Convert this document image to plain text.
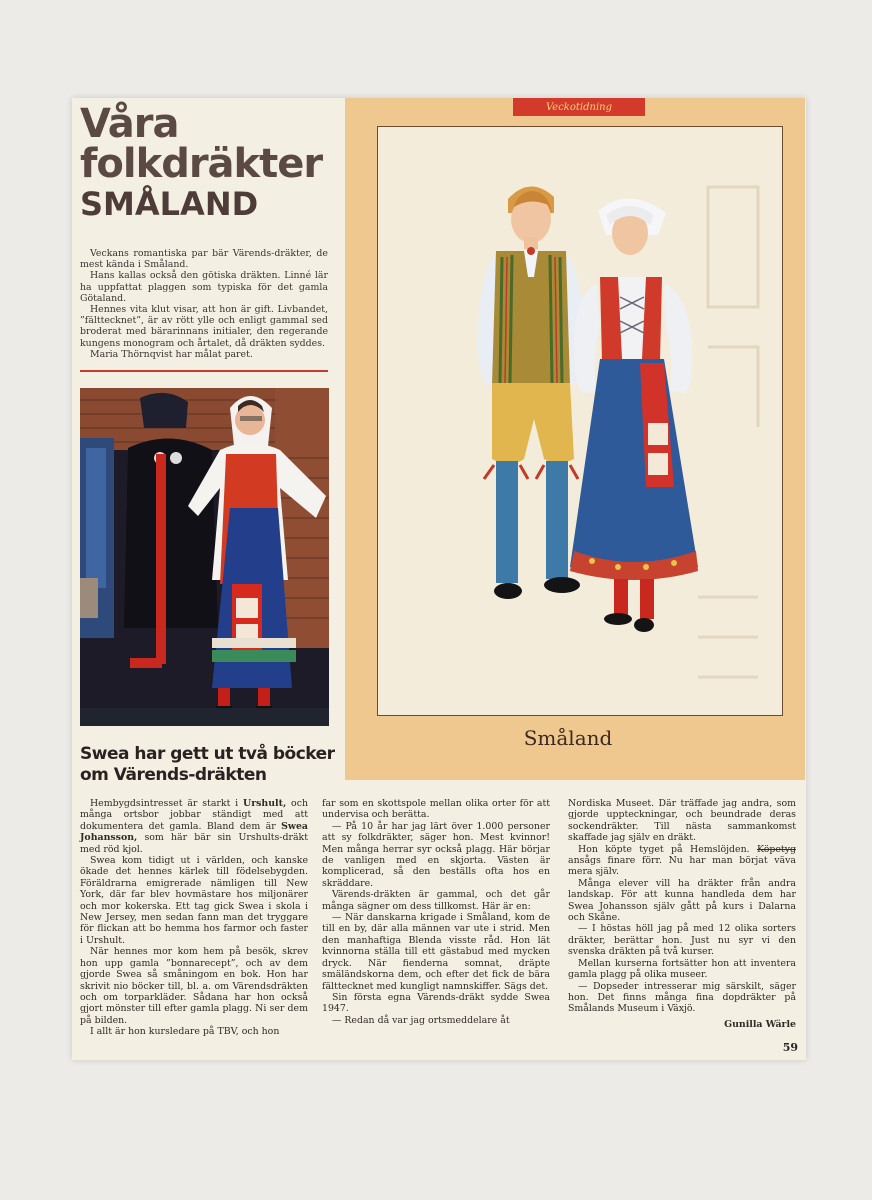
Våra
folkdräkter
SMÅLAND

Veckans romantiska par bär Värends-dräkter, de mest kända i Småland.

Hans kallas också den götiska dräkten. Linné lär ha uppfattat plaggen som typiska för det gamla Götaland.

Hennes vita klut visar, att hon är gift. Livbandet, ”fälttecknet”, är av rött ylle och enligt gammal sed broderat med bärarinnans initialer, den regerande kungens monogram och årtalet, då dräkten syddes.

Maria Thörnqvist har målat paret.

Veckotidning
Småland
Swea har gett ut två böcker om Värends-dräkten

Hembygdsintresset är starkt i Urshult, och många ortsbor jobbar ständigt med att dokumentera det gamla. Bland dem är Swea Johansson, som här bär sin Urshults-dräkt med röd kjol.

Swea kom tidigt ut i världen, och kanske ökade det hennes kärlek till födelsebygden. Föräldrarna emigrerade nämligen till New York, där far blev hovmästare hos miljonärer och mor kokerska. Ett tag gick Swea i skola i New Jersey, men sedan fann man det tryggare för flickan att bo hemma hos farmor och faster i Urshult.

När hennes mor kom hem på besök, skrev hon upp gamla ”bonnarecept”, och av dem gjorde Swea så småningom en bok. Hon har skrivit nio böcker till, bl. a. om Värendsdräkten och om torparkläder. Sådana har hon också gjort mönster till efter gamla plagg. Ni ser dem på bilden.

I allt är hon kursledare på TBV, och hon

far som en skottspole mellan olika orter för att undervisa och berätta.

— På 10 år har jag lärt över 1.000 personer att sy folkdräkter, säger hon. Mest kvinnor! Men många herrar syr också plagg. Här börjar de vanligen med en skjorta. Västen är komplicerad, så den beställs ofta hos en skräddare.

Värends-dräkten är gammal, och det går många sägner om dess tillkomst. Här är en:

— När danskarna krigade i Småland, kom de till en by, där alla männen var ute i strid. Men den manhaftiga Blenda visste råd. Hon lät kvinnorna ställa till ett gästabud med mycken dryck. När fienderna somnat, dräpte smäländskorna dem, och efter det fick de bära fälttecknet med kungligt namnskiffer. Sägs det.

Sin första egna Värends-dräkt sydde Swea 1947.

— Redan då var jag ortsmeddelare åt

Nordiska Museet. Där träffade jag andra, som gjorde uppteckningar, och beundrade deras sockendräkter. Till nästa sammankomst skaffade jag själv en dräkt.

Hon köpte tyget på Hemslöjden. Köpetyg ansågs finare förr. Nu har man börjat väva mera själv.

Många elever vill ha dräkter från andra landskap. För att kunna handleda dem har Swea Johansson själv gått på kurs i Dalarna och Skåne.

— I höstas höll jag på med 12 olika sorters dräkter, berättar hon. Just nu syr vi den svenska dräkten på två kurser.

Mellan kurserna fortsätter hon att inventera gamla plagg på olika museer.

— Dopseder intresserar mig särskilt, säger hon. Det finns många fina dopdräkter på Smålands Museum i Växjö.

Gunilla Wärle

59
